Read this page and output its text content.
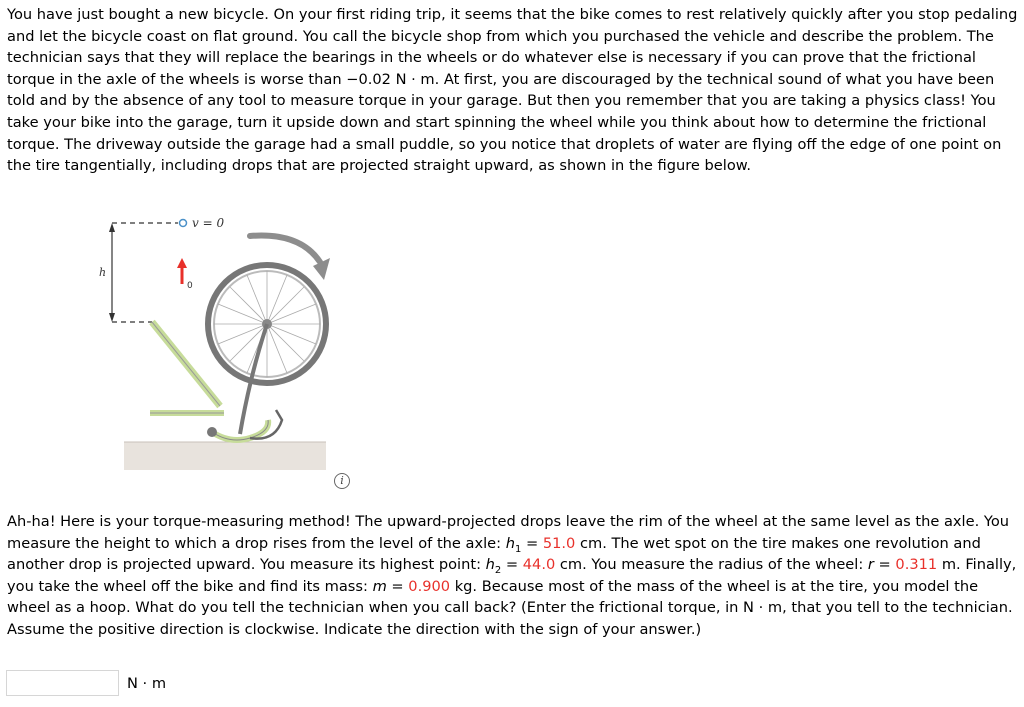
You have just bought a new bicycle. On your first riding trip, it seems that the bike comes to rest relatively quickly after you stop pedaling and let the bicycle coast on flat ground. You call the bicycle shop from which you purchased the vehicle and describe the problem. The technician says that they will replace the bearings in the wheels or do whatever else is necessary if you can prove that the frictional torque in the axle of the wheels is worse than −0.02 N · m. At first, you are discouraged by the technical sound of what you have been told and by the absence of any tool to measure torque in your garage. But then you remember that you are taking a physics class! You take your bike into the garage, turn it upside down and start spinning the wheel while you think about how to determine the frictional torque. The driveway outside the garage had a small puddle, so you notice that droplets of water are flying off the edge of one point on the tire tangentially, including drops that are projected straight upward, as shown in the figure below.

h
v = 0
0
i

Ah-ha! Here is your torque-measuring method! The upward-projected drops leave the rim of the wheel at the same level as the axle. You measure the height to which a drop rises from the level of the axle: $h_1 = 51.0$ cm. The wet spot on the tire makes one revolution and another drop is projected upward. You measure its highest point: $h_2 = 44.0$ cm. You measure the radius of the wheel: r = 0.311 m. Finally, you take the wheel off the bike and find its mass: m = 0.900 kg. Because most of the mass of the wheel is at the tire, you model the wheel as a hoop. What do you tell the technician when you call back? (Enter the frictional torque, in N · m, that you tell to the technician. Assume the positive direction is clockwise. Indicate the direction with the sign of your answer.)

N · m
